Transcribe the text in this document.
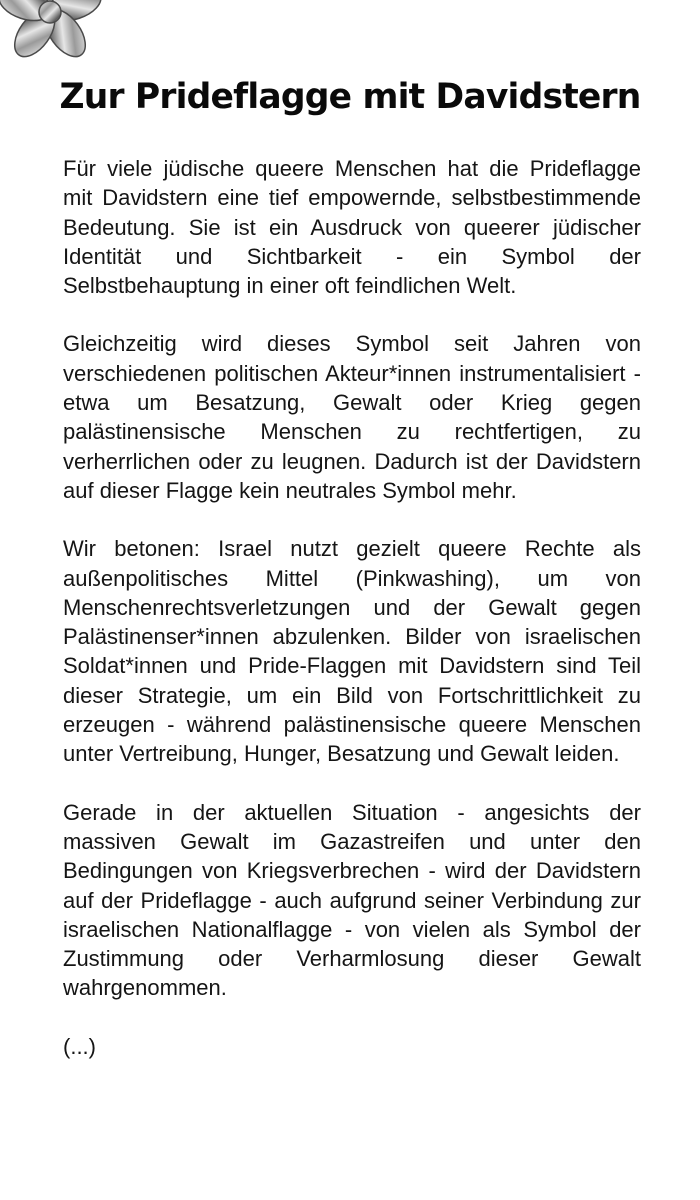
Zur Prideflagge mit Davidstern

Für viele jüdische queere Menschen hat die Prideflagge mit Davidstern eine tief empowernde, selbstbestimmende Bedeutung. Sie ist ein Ausdruck von queerer jüdischer Identität und Sichtbarkeit - ein Symbol der Selbstbehauptung in einer oft feindlichen Welt.

Gleichzeitig wird dieses Symbol seit Jahren von verschiedenen politischen Akteur*innen instrumentalisiert - etwa um Besatzung, Gewalt oder Krieg gegen palästinensische Menschen zu rechtfertigen, zu verherrlichen oder zu leugnen. Dadurch ist der Davidstern auf dieser Flagge kein neutrales Symbol mehr.

Wir betonen: Israel nutzt gezielt queere Rechte als außenpolitisches Mittel (Pinkwashing), um von Menschenrechtsverletzungen und der Gewalt gegen Palästinenser*innen abzulenken. Bilder von israelischen Soldat*innen und Pride-Flaggen mit Davidstern sind Teil dieser Strategie, um ein Bild von Fortschrittlichkeit zu erzeugen - während palästinensische queere Menschen unter Vertreibung, Hunger, Besatzung und Gewalt leiden.

Gerade in der aktuellen Situation - angesichts der massiven Gewalt im Gazastreifen und unter den Bedingungen von Kriegsverbrechen - wird der Davidstern auf der Prideflagge - auch aufgrund seiner Verbindung zur israelischen Nationalflagge - von vielen als Symbol der Zustimmung oder Verharmlosung dieser Gewalt wahrgenommen.

(...)
